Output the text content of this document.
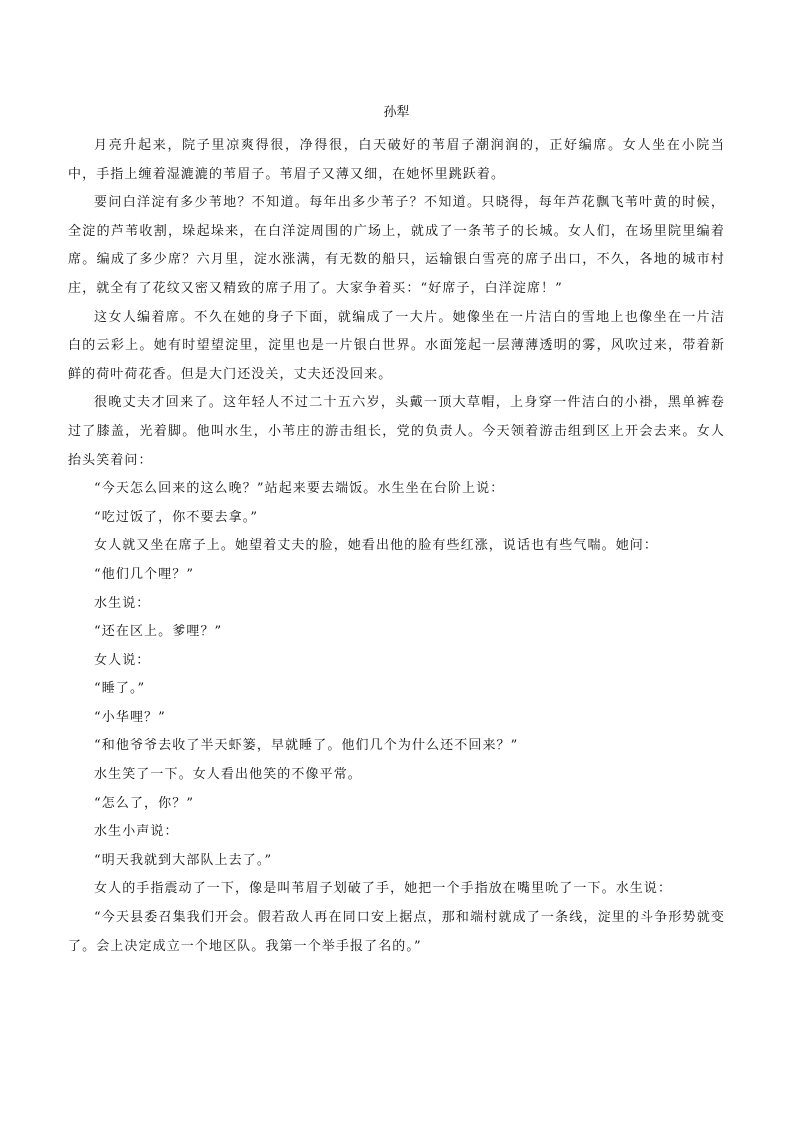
孙犁

月亮升起来，院子里凉爽得很，净得很，白天破好的苇眉子潮润润的，正好编席。女人坐在小院当中，手指上缠着湿漉漉的苇眉子。苇眉子又薄又细，在她怀里跳跃着。

要问白洋淀有多少苇地？不知道。每年出多少苇子？不知道。只晓得，每年芦花飘飞苇叶黄的时候，全淀的芦苇收割，垛起垛来，在白洋淀周围的广场上，就成了一条苇子的长城。女人们，在场里院里编着席。编成了多少席？六月里，淀水涨满，有无数的船只，运输银白雪亮的席子出口，不久，各地的城市村庄，就全有了花纹又密又精致的席子用了。大家争着买：“好席子，白洋淀席！”

这女人编着席。不久在她的身子下面，就编成了一大片。她像坐在一片洁白的雪地上也像坐在一片洁白的云彩上。她有时望望淀里，淀里也是一片银白世界。水面笼起一层薄薄透明的雾，风吹过来，带着新鲜的荷叶荷花香。但是大门还没关，丈夫还没回来。

很晚丈夫才回来了。这年轻人不过二十五六岁，头戴一顶大草帽，上身穿一件洁白的小褂，黑单裤卷过了膝盖，光着脚。他叫水生，小苇庄的游击组长，党的负责人。今天领着游击组到区上开会去来。女人抬头笑着问：

“今天怎么回来的这么晚？”站起来要去端饭。水生坐在台阶上说：

“吃过饭了，你不要去拿。”

女人就又坐在席子上。她望着丈夫的脸，她看出他的脸有些红涨，说话也有些气喘。她问：

“他们几个哩？”

水生说：

“还在区上。爹哩？”

女人说：

“睡了。”

“小华哩？”

“和他爷爷去收了半天虾篓，早就睡了。他们几个为什么还不回来？”

水生笑了一下。女人看出他笑的不像平常。

“怎么了，你？”

水生小声说：

“明天我就到大部队上去了。”

女人的手指震动了一下，像是叫苇眉子划破了手，她把一个手指放在嘴里吮了一下。水生说：

“今天县委召集我们开会。假若敌人再在同口安上据点，那和端村就成了一条线，淀里的斗争形势就变了。会上决定成立一个地区队。我第一个举手报了名的。”
